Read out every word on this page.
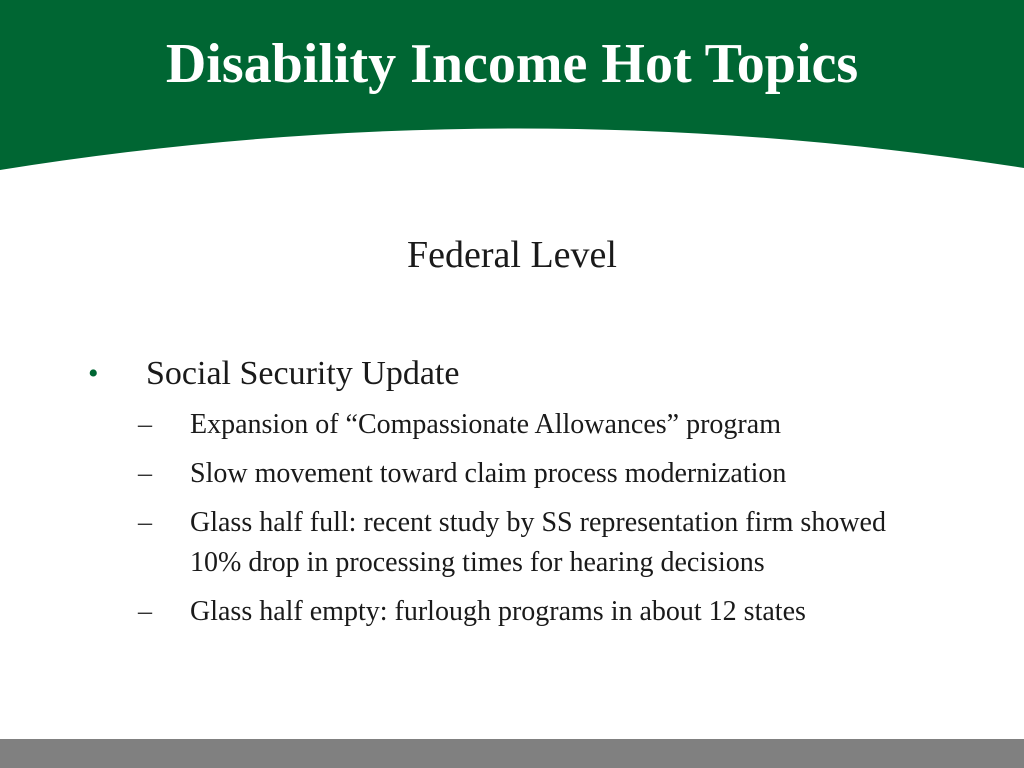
Disability Income Hot Topics
Federal Level
• Social Security Update
– Expansion of “Compassionate Allowances” program
– Slow movement toward claim process modernization
– Glass half full: recent study by SS representation firm showed 10% drop in processing times for hearing decisions
– Glass half empty: furlough programs in about 12 states
